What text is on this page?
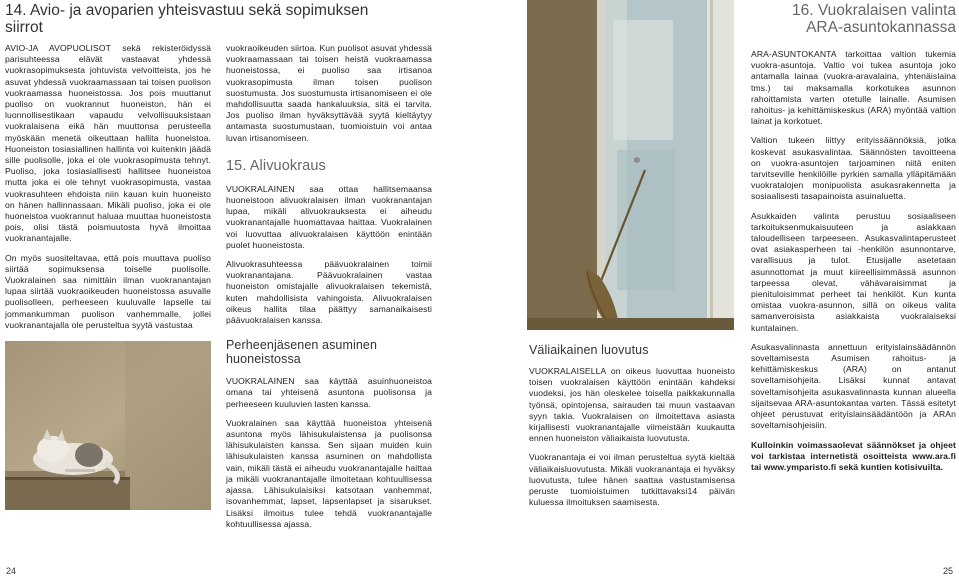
14. Avio- ja avoparien yhteisvastuu sekä sopimuksen
siirrot

AVIO-JA AVOPUOLISOT sekä rekisteröidyssä parisuhteessa elävät vastaavat yhdessä vuokrasopimuksesta johtuvista velvoitteista, jos he asuvat yhdessä vuokraamassaan tai toisen puolison vuokraamassa huoneistossa. Jos pois muuttanut puoliso on vuokrannut huoneiston, hän ei luonnollisestikaan vapaudu velvollisuuksistaan vuokralaisena eikä hän muuttonsa perusteella myöskään menetä oikeuttaan hallita huoneistoa. Huoneiston tosiasiallinen hallinta voi kuitenkin jäädä sille puolisolle, joka ei ole vuokrasopimusta tehnyt. Puoliso, joka tosiasiallisesti hallitsee huoneistoa mutta joka ei ole tehnyt vuokrasopimusta, vastaa vuokrasuhteen ehdoista niin kauan kuin huoneisto on hänen hallinnassaan. Mikäli puoliso, joka ei ole huoneistoa vuokrannut haluaa muuttaa huoneistosta pois, olisi tästä poismuutosta hyvä ilmoittaa vuokranantajalle.

On myös suositeltavaa, että pois muuttava puoliso siirtää sopimuksensa toiselle puolisolle. Vuokralainen saa nimittäin ilman vuokranantajan lupaa siirtää vuokraoikeuden huoneistossa asuvalle puolisolleen, perheeseen kuuluvalle lapselle tai jommankumman puolison vanhemmalle, jollei vuokranantajalla ole perusteltua syytä vastustaa

vuokraoikeuden siirtoa. Kun puolisot asuvat yhdessä vuokraamassaan tai toisen heistä vuokraamassa huoneistossa, ei puoliso saa irtisanoa vuokrasopimusta ilman toisen puolison suostumusta. Jos suostumusta irtisanomiseen ei ole mahdollisuutta saada hankaluuksia, sitä ei tarvita. Jos puoliso ilman hyväksyttävää syytä kieltäytyy antamasta suostumustaan, tuomioistuin voi antaa luvan irtisanomiseen.

15. Alivuokraus

VUOKRALAINEN saa ottaa hallitsemaansa huoneistoon alivuokralaisen ilman vuokranantajan lupaa, mikäli alivuokrauksesta ei aiheudu vuokranantajalle huomattavaa haittaa. Vuokralainen voi luovuttaa alivuokralaisen käyttöön enintään puolet huoneistosta.

Alivuokrasuhteessa päävuokralainen toimii vuokranantajana. Päävuokralainen vastaa huoneiston omistajalle alivuokralaisen tekemistä, kuten mahdollisista vahingoista. Alivuokralaisen oikeus hallita tilaa päättyy samanaikaisesti päävuokralaisen kanssa.

Perheenjäsenen asuminen
huoneistossa

VUOKRALAINEN saa käyttää asuinhuoneistoa omana tai yhteisenä asuntona puolisonsa ja perheeseen kuuluvien lasten kanssa.

Vuokralainen saa käyttää huoneistoa yhteisenä asuntona myös lähisukulaistensa ja puolisonsa lähisukulaisten kanssa. Sen sijaan muiden kuin lähisukulaisten kanssa asuminen on mahdollista vain, mikäli tästä ei aiheudu vuokranantajalle haittaa ja mikäli vuokranantajalle ilmoitetaan kohtuullisessa ajassa. Lähisukulaisiksi katsotaan vanhemmat, isovanhemmat, lapset, lapsenlapset ja sisarukset. Lisäksi ilmoitus tulee tehdä vuokranantajalle kohtuullisessa ajassa.

24
Väliaikainen luovutus

VUOKRALAISELLA on oikeus luovuttaa huoneisto toisen vuokralaisen käyttöön enintään kahdeksi vuodeksi, jos hän oleskelee toisella paikkakunnalla työnsä, opintojensa, sairauden tai muun vastaavan syyn takia. Vuokralaisen on ilmoitettava asiasta kirjallisesti vuokranantajalle viimeistään kuukautta ennen huoneiston väliaikaista luovutusta.

Vuokranantaja ei voi ilman perusteltua syytä kieltää väliaikaisluovutusta. Mikäli vuokranantaja ei hyväksy luovutusta, tulee hänen saattaa vastustamisensa peruste tuomioistuimen tutkittavaksi14 päivän kuluessa ilmoituksen saamisesta.

16. Vuokralaisen valinta
ARA-asuntokannassa

ARA-ASUNTOKANTA tarkoittaa valtion tukemia vuokra-asuntoja. Valtio voi tukea asuntoja joko antamalla lainaa (vuokra-aravalaina, yhtenäislaina tms.) tai maksamalla korkotukea asunnon rahoittamista varten otetulle lainalle. Asumisen rahoitus- ja kehittämiskeskus (ARA) myöntää valtion lainat ja korkotuet.

Valtion tukeen liittyy erityissäännöksiä, jotka koskevat asukasvalintaa. Säännösten tavoitteena on vuokra-asuntojen tarjoaminen niitä eniten tarvitseville henkilöille pyrkien samalla ylläpitämään vuokratalojen monipuolista asukasrakennetta ja sosiaalisesti tasapainoista asuinaluetta.

Asukkaiden valinta perustuu sosiaaliseen tarkoituksenmukaisuuteen ja asiakkaan taloudelliseen tarpeeseen. Asukasvalintaperusteet ovat asiakasperheen tai -henkilön asunnontarve, varallisuus ja tulot. Etusijalle asetetaan asunnottomat ja muut kiireellisimmässä asunnon tarpeessa olevat, vähävaraisimmat ja pienituloisimmat perheet tai henkilöt. Kun kunta omistaa vuokra-asunnon, sillä on oikeus valita samanveroisista asiakkaista vuokralaiseksi kuntalainen.

Asukasvalinnasta annettuun erityislainsäädännön soveltamisesta Asumisen rahoitus- ja kehittämiskeskus (ARA) on antanut soveltamisohjeita. Lisäksi kunnat antavat soveltamisohjeita asukasvalinnasta kunnan alueella sijaitsevaa ARA-asuntokantaa varten. Tässä esitetyt ohjeet perustuvat erityislainsäädäntöön ja ARAn soveltamisohjeisiin.

Kulloinkin voimassaolevat säännökset ja ohjeet voi tarkistaa internetistä osoitteista www.ara.fi tai www.ymparisto.fi sekä kuntien kotisivuilta.

25
